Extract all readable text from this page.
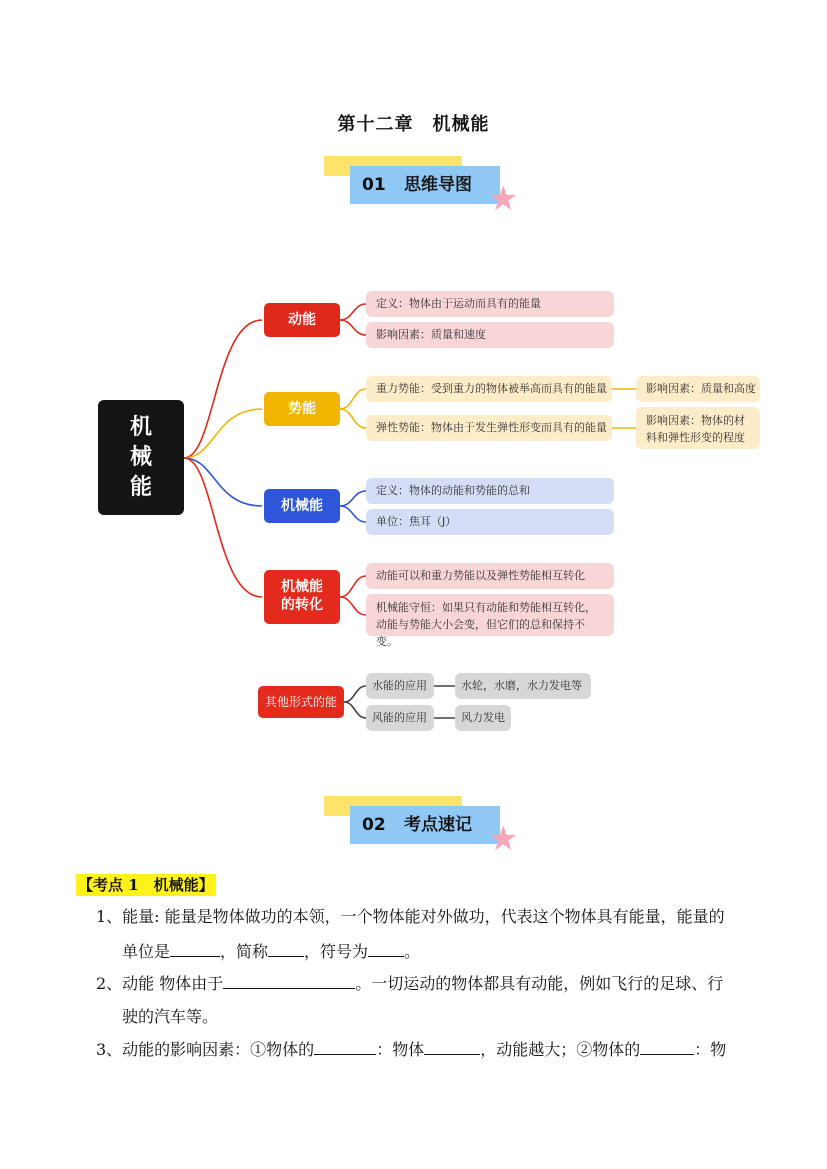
第十二章　机械能
01 思维导图 ★
机
械
能
动能
定义：物体由于运动而具有的能量
影响因素：质量和速度
势能
重力势能：受到重力的物体被举高而具有的能量	影响因素：质量和高度
弹性势能：物体由于发生弹性形变而具有的能量
影响因素：物体的材料和弹性形变的程度
机械能
定义：物体的动能和势能的总和
单位：焦耳（J）
机械能
的转化
动能可以和重力势能以及弹性势能相互转化
机械能守恒：如果只有动能和势能相互转化，动能与势能大小会变，但它们的总和保持不变。
其他形式的能
水能的应用	水轮，水磨，水力发电等
风能的应用	风力发电
02 考点速记 ★
【考点 1　机械能】
1、能量: 能量是物体做功的本领，一个物体能对外做功，代表这个物体具有能量，能量的
单位是	，简称 ，符号为 。
2、动能 物体由于	。一切运动的物体都具有动能，例如飞行的足球、行
驶的汽车等。
3、动能的影响因素：①物体的	：物体	，动能越大；②物体的	：物
